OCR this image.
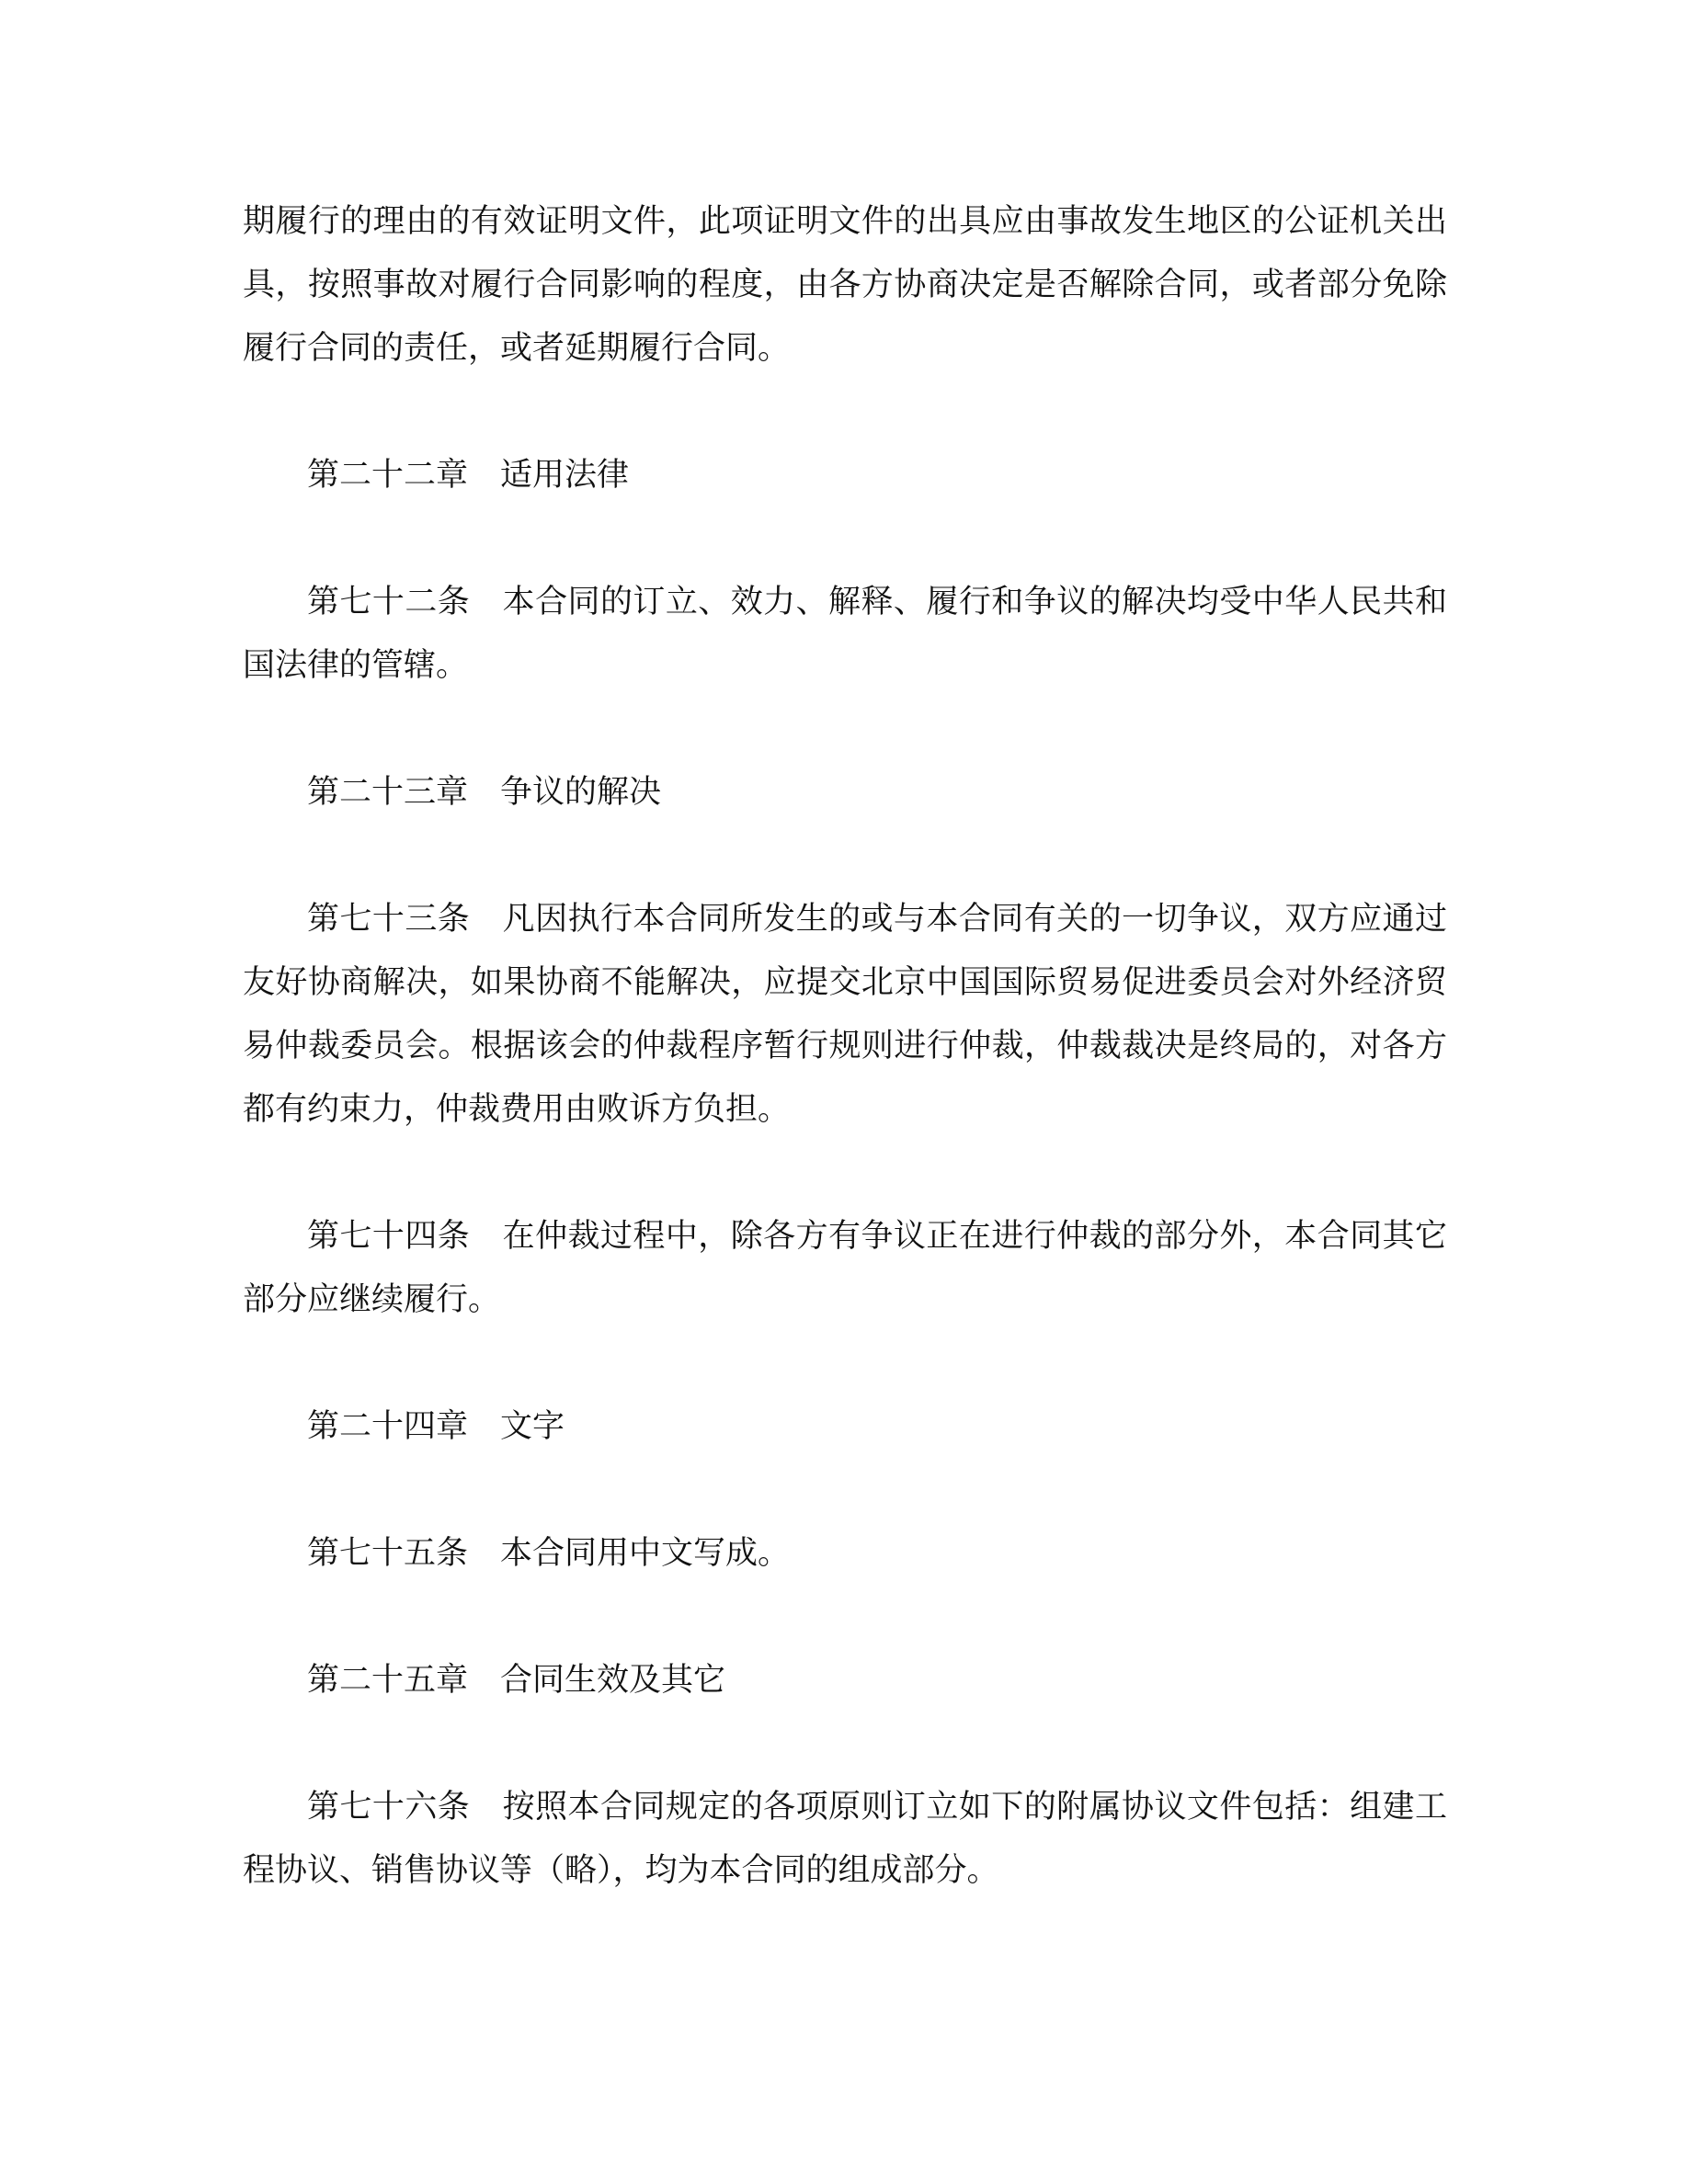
期履行的理由的有效证明文件，此项证明文件的出具应由事故发生地区的公证机关出具，按照事故对履行合同影响的程度，由各方协商决定是否解除合同，或者部分免除履行合同的责任，或者延期履行合同。

第二十二章　适用法律

第七十二条　本合同的订立、效力、解释、履行和争议的解决均受中华人民共和国法律的管辖。

第二十三章　争议的解决

第七十三条　凡因执行本合同所发生的或与本合同有关的一切争议，双方应通过友好协商解决，如果协商不能解决，应提交北京中国国际贸易促进委员会对外经济贸易仲裁委员会。根据该会的仲裁程序暂行规则进行仲裁，仲裁裁决是终局的，对各方都有约束力，仲裁费用由败诉方负担。

第七十四条　在仲裁过程中，除各方有争议正在进行仲裁的部分外，本合同其它部分应继续履行。

第二十四章　文字

第七十五条　本合同用中文写成。

第二十五章　合同生效及其它

第七十六条　按照本合同规定的各项原则订立如下的附属协议文件包括：组建工程协议、销售协议等（略），均为本合同的组成部分。
